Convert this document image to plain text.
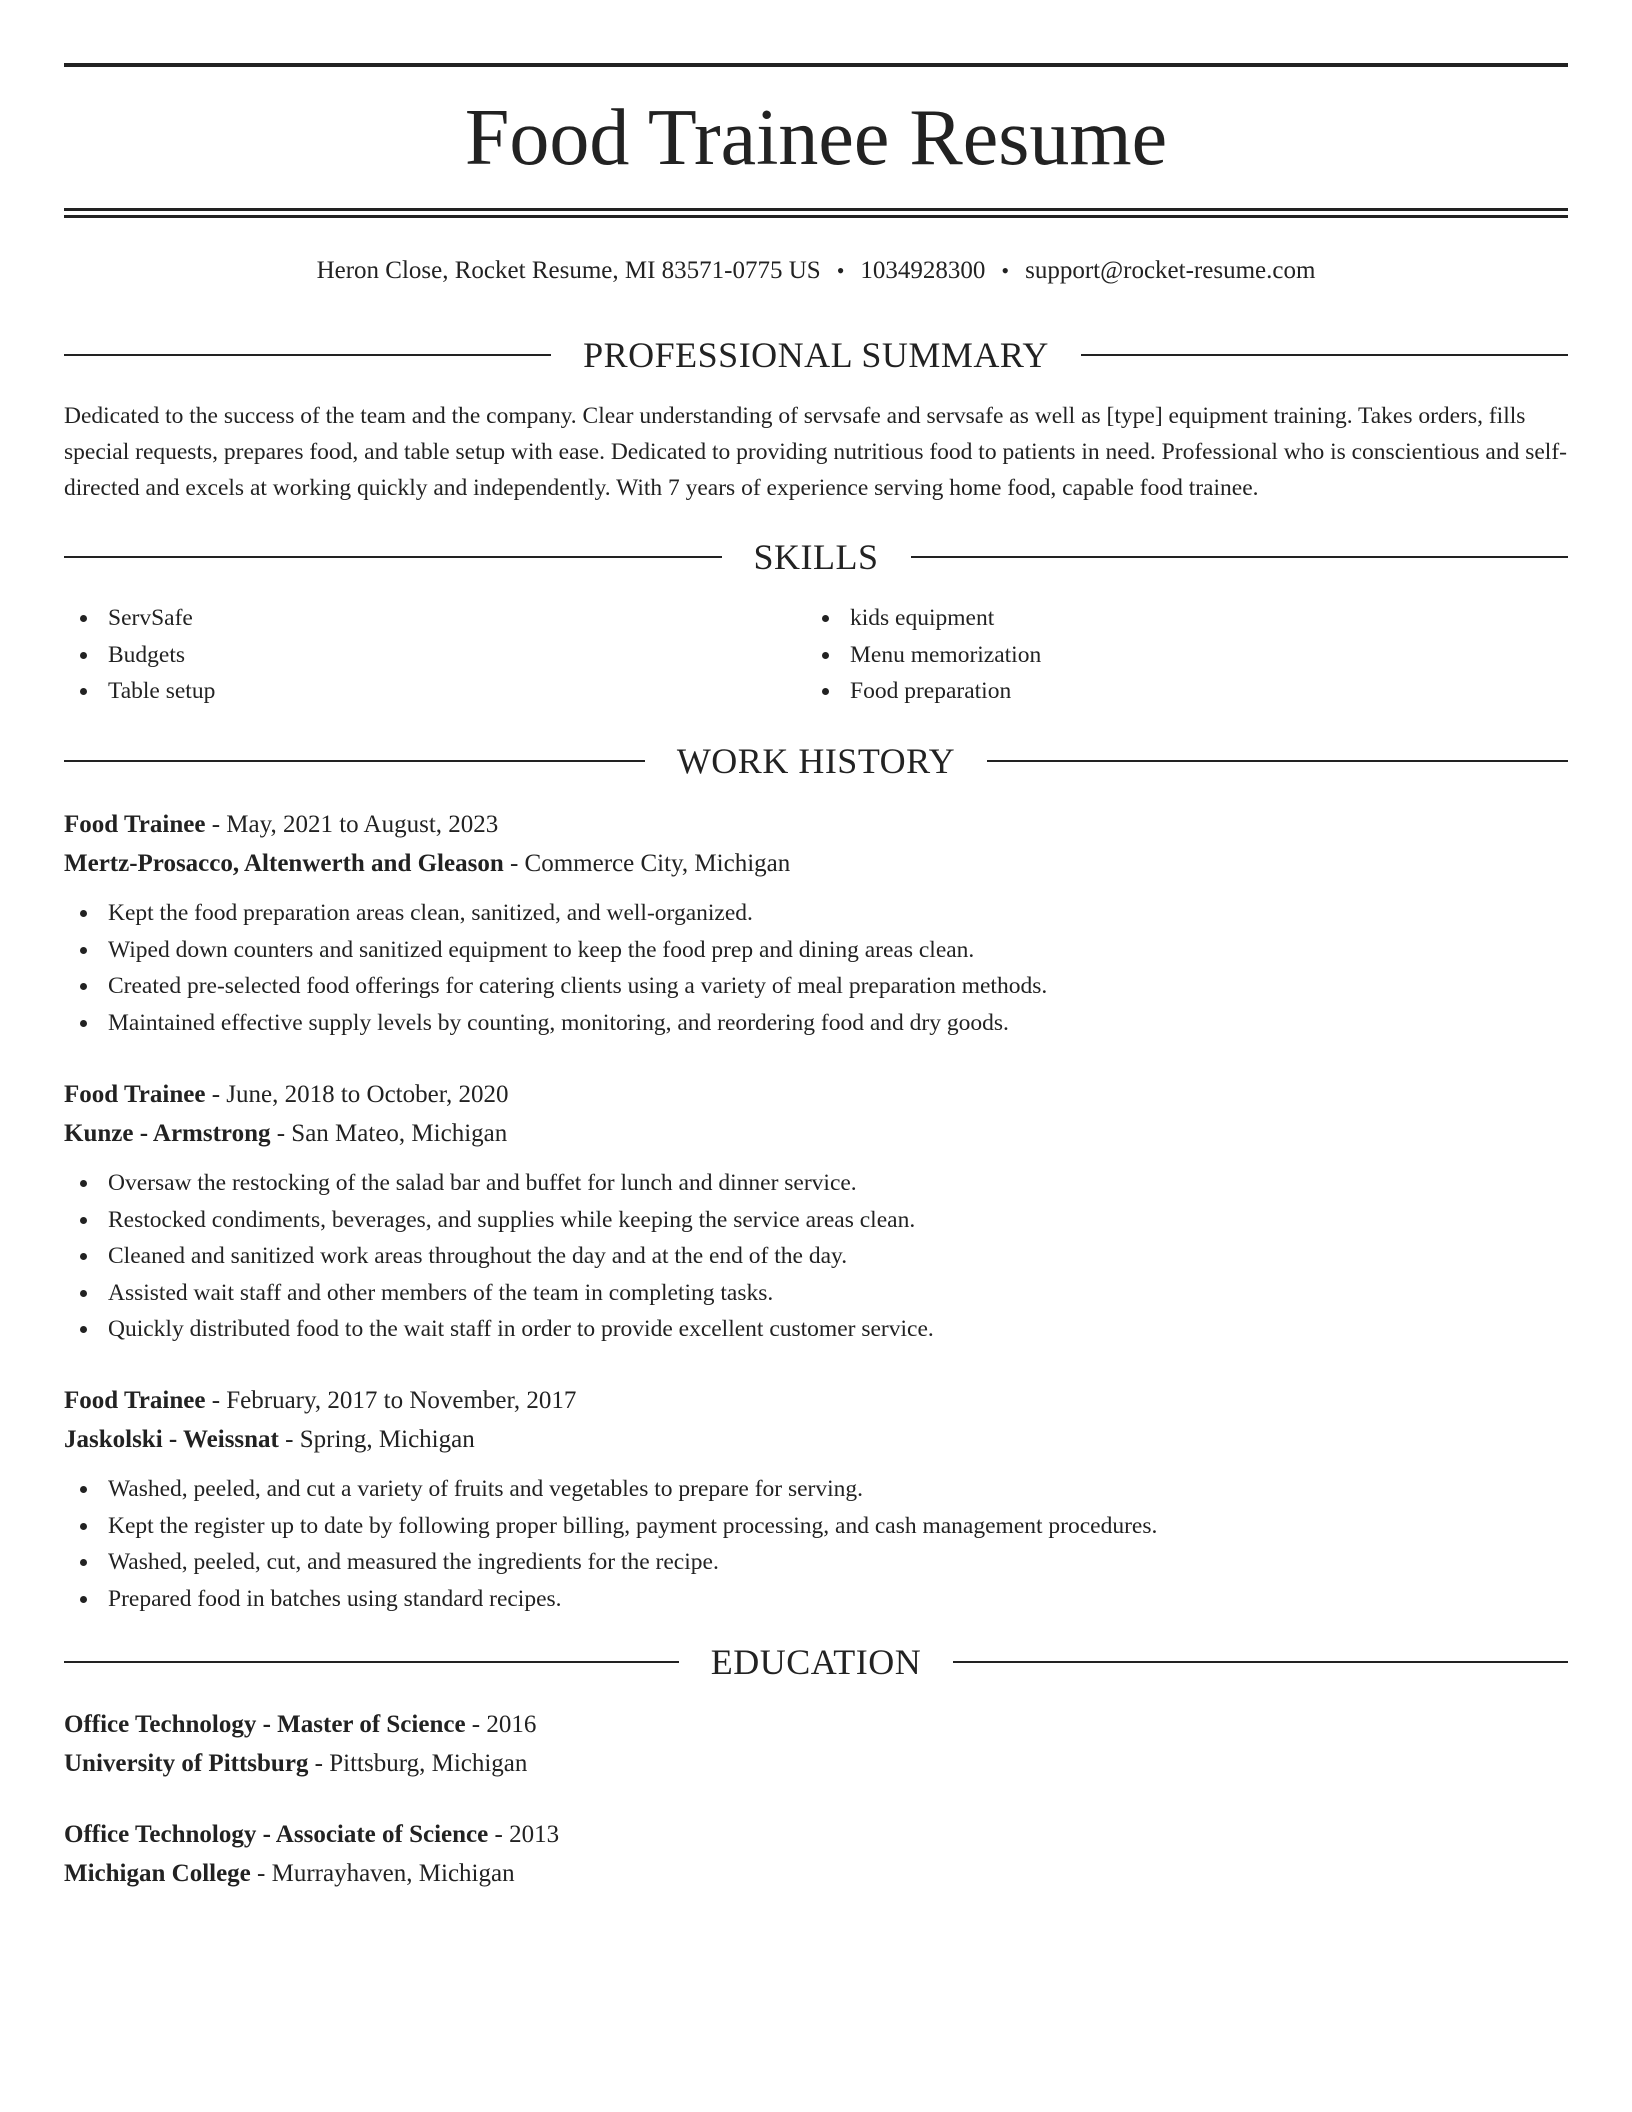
Food Trainee Resume
Heron Close, Rocket Resume, MI 83571-0775 US • 1034928300 • support@rocket-resume.com
PROFESSIONAL SUMMARY

Dedicated to the success of the team and the company. Clear understanding of servsafe and servsafe as well as [type] equipment training. Takes orders, fills special requests, prepares food, and table setup with ease. Dedicated to providing nutritious food to patients in need. Professional who is conscientious and self-directed and excels at working quickly and independently. With 7 years of experience serving home food, capable food trainee.

SKILLS
ServSafe
Budgets
Table setup
kids equipment
Menu memorization
Food preparation
WORK HISTORY
Food Trainee - May, 2021 to August, 2023
Mertz-Prosacco, Altenwerth and Gleason - Commerce City, Michigan
Kept the food preparation areas clean, sanitized, and well-organized.
Wiped down counters and sanitized equipment to keep the food prep and dining areas clean.
Created pre-selected food offerings for catering clients using a variety of meal preparation methods.
Maintained effective supply levels by counting, monitoring, and reordering food and dry goods.
Food Trainee - June, 2018 to October, 2020
Kunze - Armstrong - San Mateo, Michigan
Oversaw the restocking of the salad bar and buffet for lunch and dinner service.
Restocked condiments, beverages, and supplies while keeping the service areas clean.
Cleaned and sanitized work areas throughout the day and at the end of the day.
Assisted wait staff and other members of the team in completing tasks.
Quickly distributed food to the wait staff in order to provide excellent customer service.
Food Trainee - February, 2017 to November, 2017
Jaskolski - Weissnat - Spring, Michigan
Washed, peeled, and cut a variety of fruits and vegetables to prepare for serving.
Kept the register up to date by following proper billing, payment processing, and cash management procedures.
Washed, peeled, cut, and measured the ingredients for the recipe.
Prepared food in batches using standard recipes.
EDUCATION
Office Technology - Master of Science - 2016
University of Pittsburg - Pittsburg, Michigan
Office Technology - Associate of Science - 2013
Michigan College - Murrayhaven, Michigan
